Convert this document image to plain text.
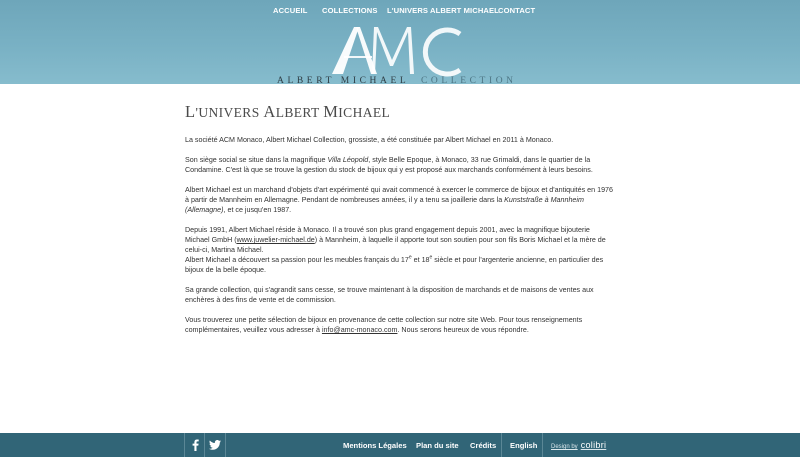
ACCUEIL COLLECTIONS L'UNIVERS ALBERT MICHAEL CONTACT
ALBERT MICHAEL COLLECTION
L'UNIVERS ALBERT MICHAEL

La société ACM Monaco, Albert Michael Collection, grossiste, a été constituée par Albert Michael en 2011 à Monaco.

Son siège social se situe dans la magnifique Villa Léopold, style Belle Epoque, à Monaco, 33 rue Grimaldi, dans le quartier de la Condamine. C'est là que se trouve la gestion du stock de bijoux qui y est proposé aux marchands conformément à leurs besoins.

Albert Michael est un marchand d'objets d'art expérimenté qui avait commencé à exercer le commerce de bijoux et d'antiquités en 1976 à partir de Mannheim en Allemagne. Pendant de nombreuses années, il y a tenu sa joaillerie dans la Kunststraße à Mannheim (Allemagne), et ce jusqu'en 1987.

Depuis 1991, Albert Michael réside à Monaco. Il a trouvé son plus grand engagement depuis 2001, avec la magnifique bijouterie Michael GmbH (www.juwelier-michael.de) à Mannheim, à laquelle il apporte tout son soutien pour son fils Boris Michael et la mère de celui-ci, Martina Michael.

Albert Michael a découvert sa passion pour les meubles français du 17e et 18e siècle et pour l'argenterie ancienne, en particulier des bijoux de la belle époque.

Sa grande collection, qui s'agrandit sans cesse, se trouve maintenant à la disposition de marchands et de maisons de ventes aux enchères à des fins de vente et de commission.

Vous trouverez une petite sélection de bijoux en provenance de cette collection sur notre site Web. Pour tous renseignements complémentaires, veuillez vous adresser à info@amc-monaco.com. Nous serons heureux de vous répondre.

Mentions Légales Plan du site Crédits English Design by colibri
